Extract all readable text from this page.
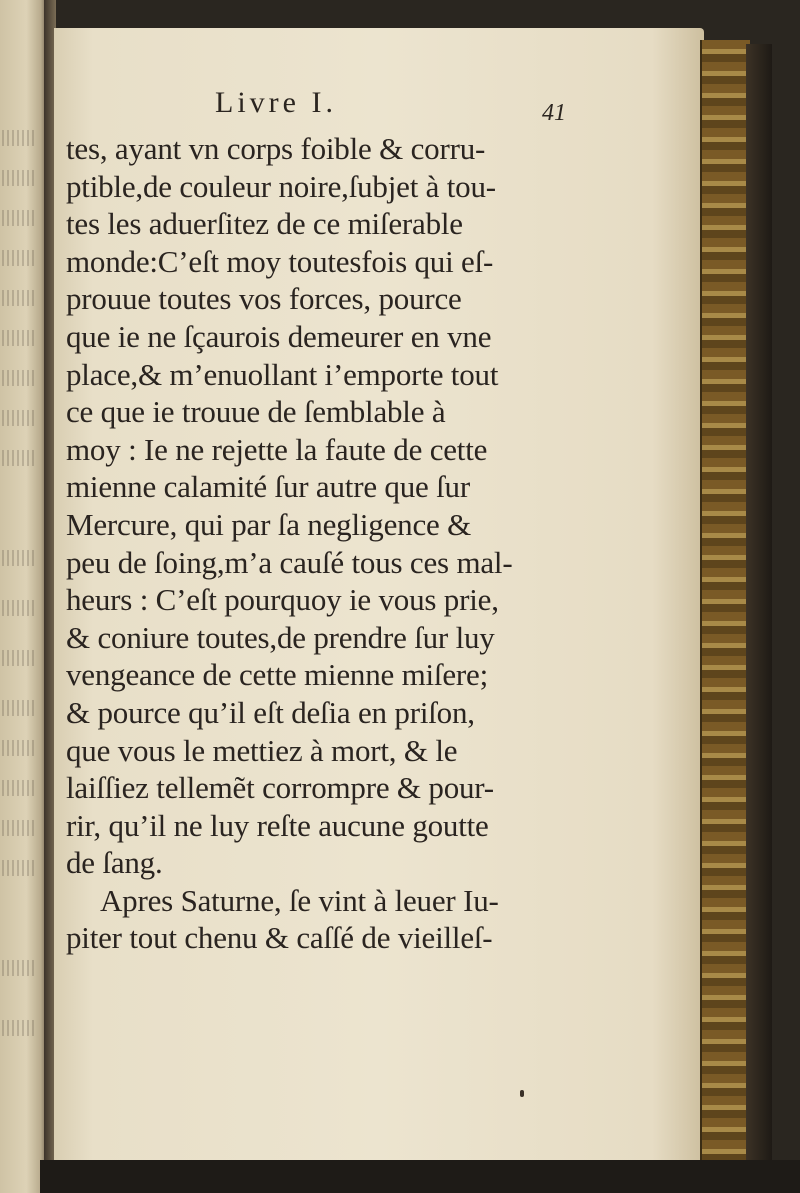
Livre I.	41
tes, ayant vn corps foible & corru-
ptible,de couleur noire,ſubjet à tou-
tes les aduerſitez de ce miſerable
monde:C’eſt moy toutesfois qui eſ-
prouue toutes vos forces, pource
que ie ne ſçaurois demeurer en vne
place,& m’enuollant i’emporte tout
ce que ie trouue de ſemblable à
moy : Ie ne rejette la faute de cette
mienne calamité ſur autre que ſur
Mercure, qui par ſa negligence &
peu de ſoing,m’a cauſé tous ces mal-
heurs : C’eſt pourquoy ie vous prie,
& coniure toutes,de prendre ſur luy
vengeance de cette mienne miſere;
& pource qu’il eſt deſia en priſon,
que vous le mettiez à mort, & le
laiſſiez tellemẽt corrompre & pour-
rir, qu’il ne luy reſte aucune goutte
de ſang.
Apres Saturne, ſe vint à leuer Iu-
piter tout chenu & caſſé de vieilleſ-
